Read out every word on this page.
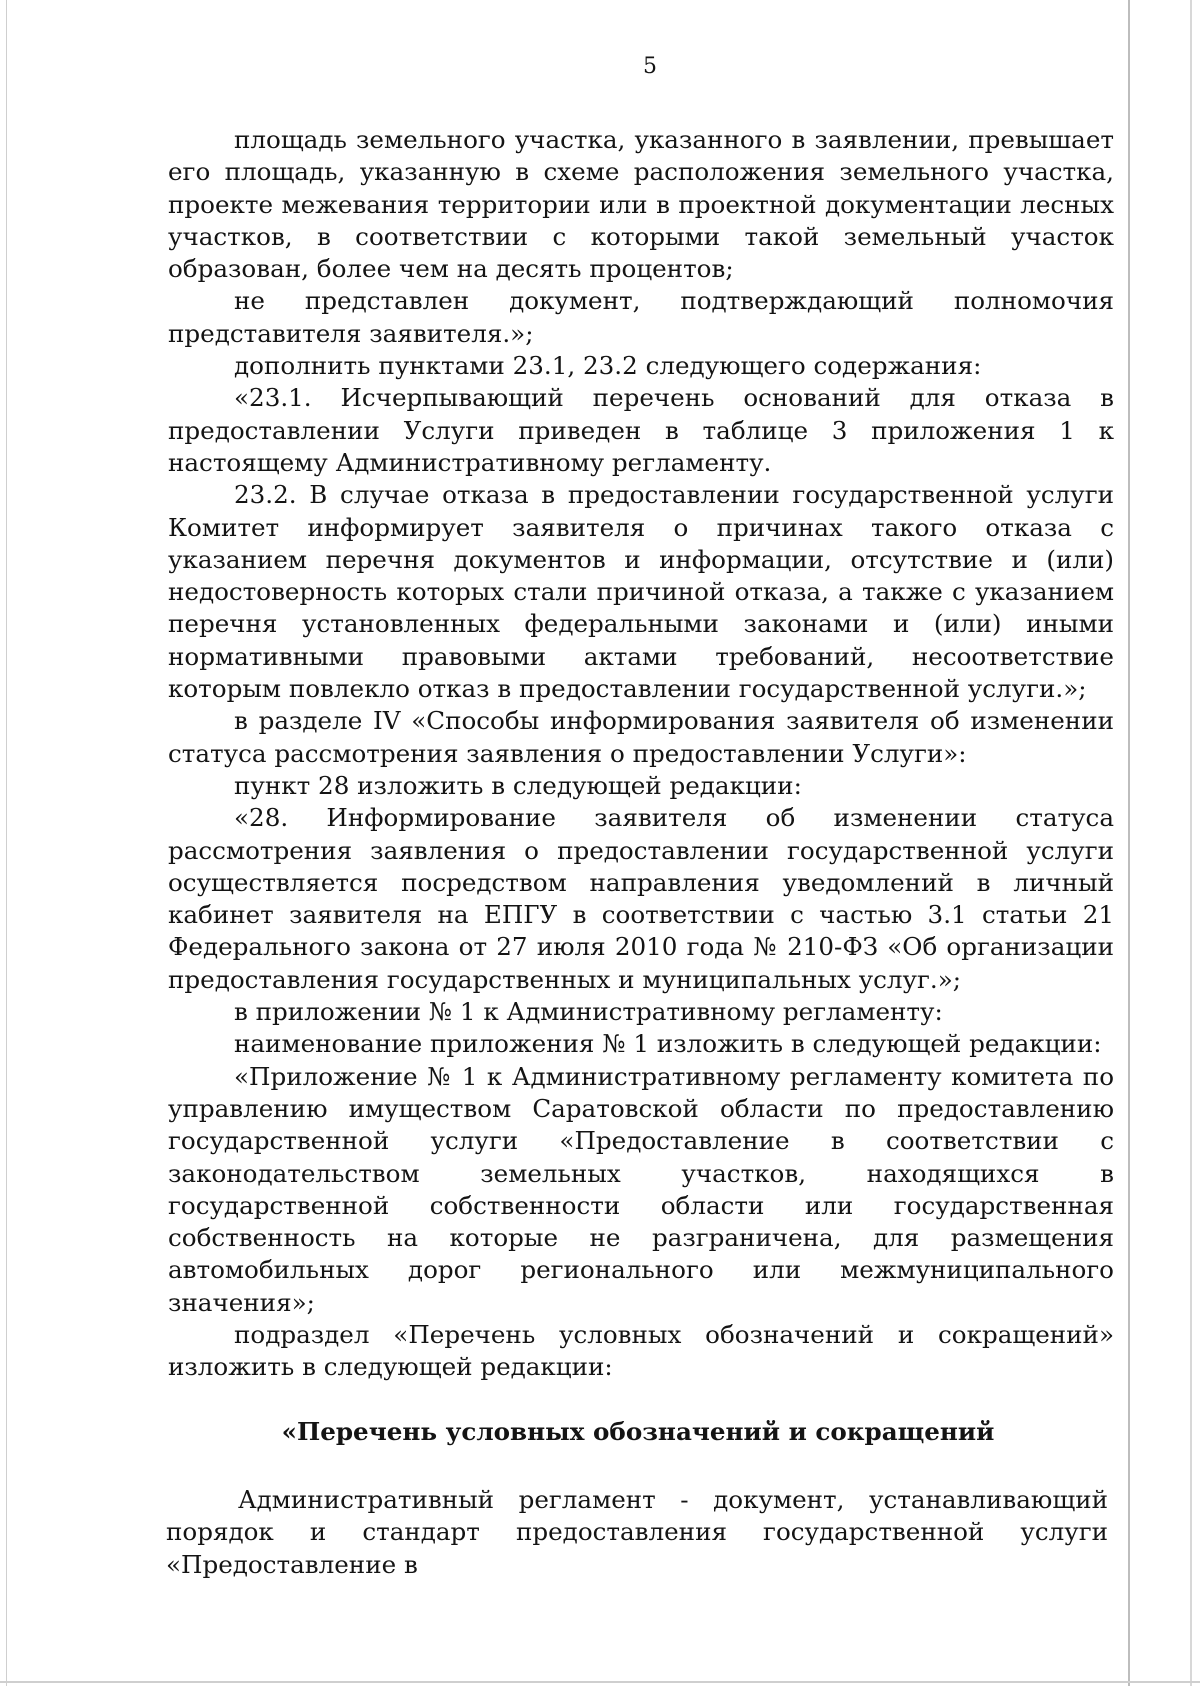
5

площадь земельного участка, указанного в заявлении, превышает его площадь, указанную в схеме расположения земельного участка, проекте межевания территории или в проектной документации лесных участков, в соответствии с которыми такой земельный участок образован, более чем на десять процентов;

не представлен документ, подтверждающий полномочия представителя заявителя.»;

дополнить пунктами 23.1, 23.2 следующего содержания:

«23.1. Исчерпывающий перечень оснований для отказа в предоставлении Услуги приведен в таблице 3 приложения 1 к настоящему Административному регламенту.

23.2. В случае отказа в предоставлении государственной услуги Комитет информирует заявителя о причинах такого отказа с указанием перечня документов и информации, отсутствие и (или) недостоверность которых стали причиной отказа, а также с указанием перечня установленных федеральными законами и (или) иными нормативными правовыми актами требований, несоответствие которым повлекло отказ в предоставлении государственной услуги.»;

в разделе IV «Способы информирования заявителя об изменении статуса рассмотрения заявления о предоставлении Услуги»:

пункт 28 изложить в следующей редакции:

«28. Информирование заявителя об изменении статуса рассмотрения заявления о предоставлении государственной услуги осуществляется посредством направления уведомлений в личный кабинет заявителя на ЕПГУ в соответствии с частью 3.1 статьи 21 Федерального закона от 27 июля 2010 года № 210-ФЗ «Об организации предоставления государственных и муниципальных услуг.»;

в приложении № 1 к Административному регламенту:

наименование приложения № 1 изложить в следующей редакции:

«Приложение № 1 к Административному регламенту комитета по управлению имуществом Саратовской области по предоставлению государственной услуги «Предоставление в соответствии с законодательством земельных участков, находящихся в государственной собственности области или государственная собственность на которые не разграничена, для размещения автомобильных дорог регионального или межмуниципального значения»;

подраздел «Перечень условных обозначений и сокращений» изложить в следующей редакции:

«Перечень условных обозначений и сокращений

Административный регламент - документ, устанавливающий порядок и стандарт предоставления государственной услуги «Предоставление в
